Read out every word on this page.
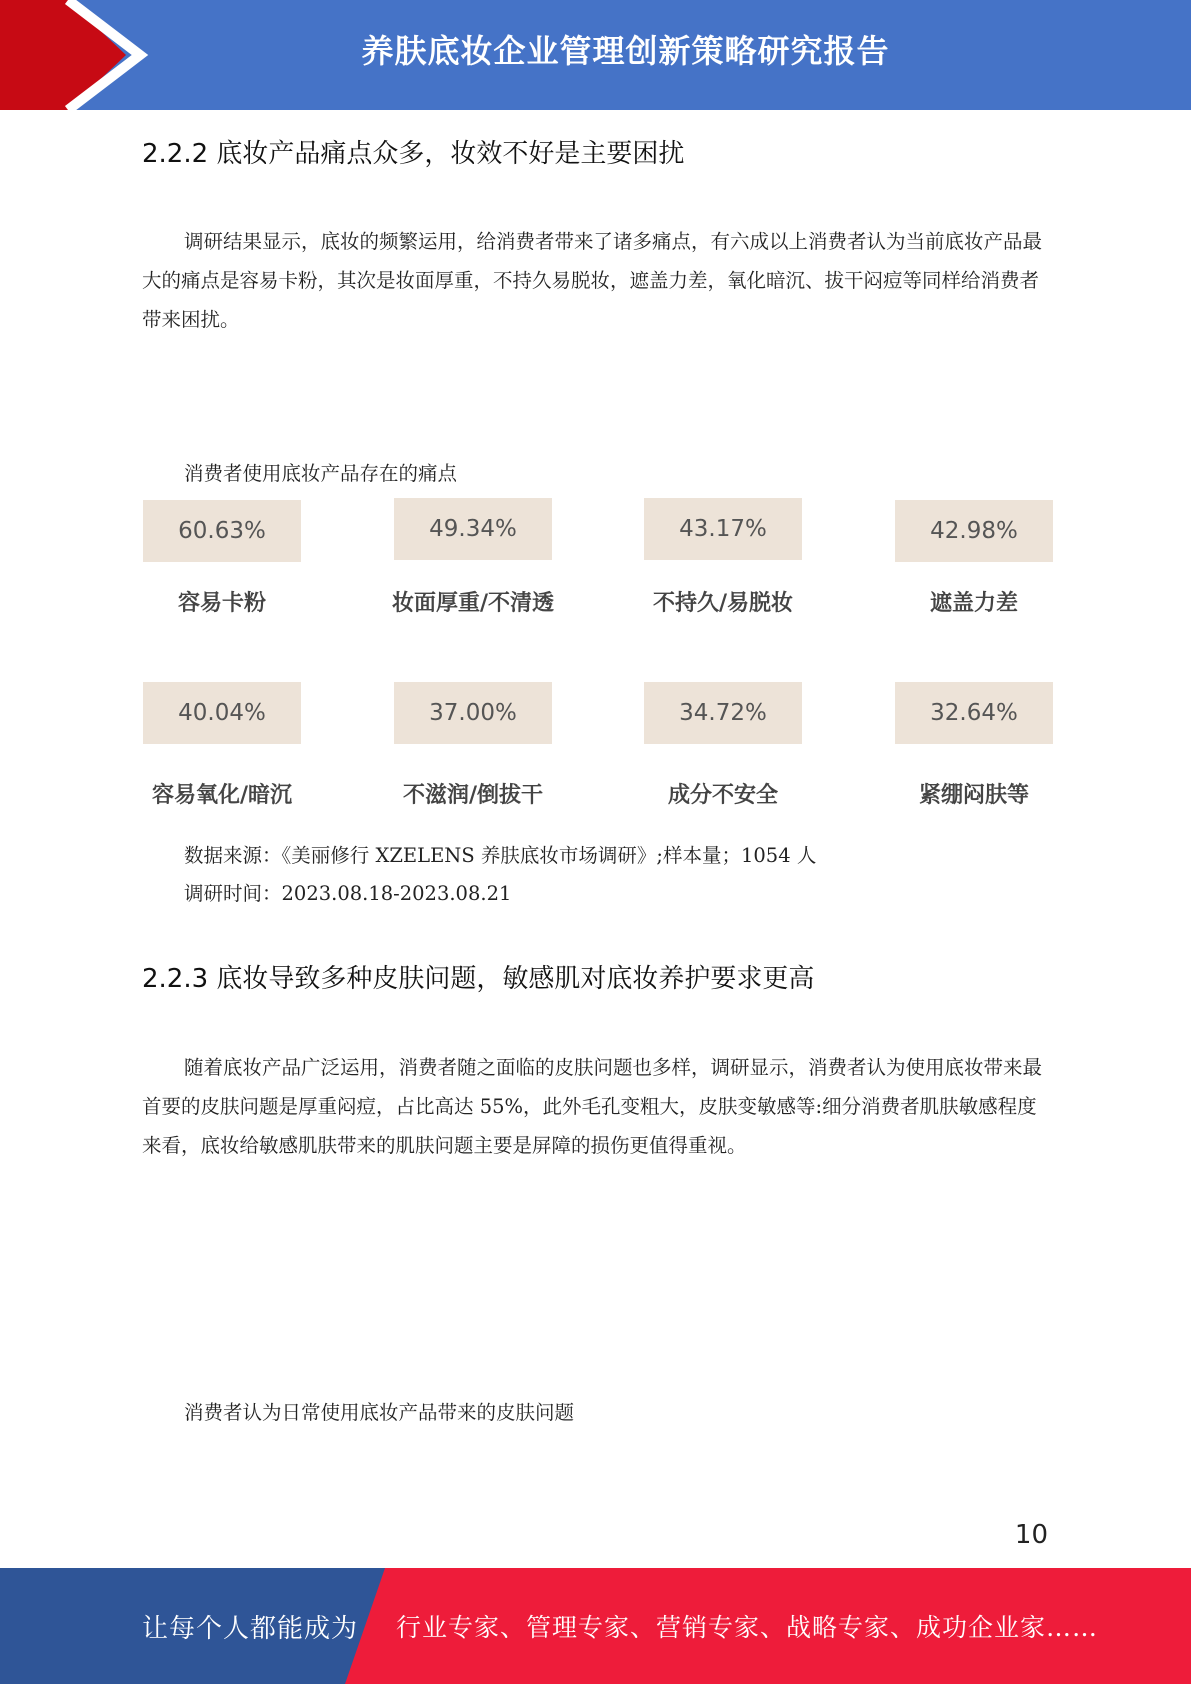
养肤底妆企业管理创新策略研究报告
2.2.2 底妆产品痛点众多，妆效不好是主要困扰

调研结果显示，底妆的频繁运用，给消费者带来了诸多痛点，有六成以上消费者认为当前底妆产品最大的痛点是容易卡粉，其次是妆面厚重，不持久易脱妆，遮盖力差，氧化暗沉、拔干闷痘等同样给消费者带来困扰。

消费者使用底妆产品存在的痛点
60.63%
容易卡粉
49.34%
妆面厚重/不清透
43.17%
不持久/易脱妆
42.98%
遮盖力差
40.04%
容易氧化/暗沉
37.00%
不滋润/倒拔干
34.72%
成分不安全
32.64%
紧绷闷肤等
数据来源：《美丽修行 XZELENS 养肤底妆市场调研》;样本量；1054 人
调研时间：2023.08.18-2023.08.21
2.2.3 底妆导致多种皮肤问题，敏感肌对底妆养护要求更高

随着底妆产品广泛运用，消费者随之面临的皮肤问题也多样，调研显示，消费者认为使用底妆带来最首要的皮肤问题是厚重闷痘，占比高达 55%，此外毛孔变粗大，皮肤变敏感等:细分消费者肌肤敏感程度来看，底妆给敏感肌肤带来的肌肤问题主要是屏障的损伤更值得重视。

消费者认为日常使用底妆产品带来的皮肤问题
10
让每个人都能成为 行业专家、管理专家、营销专家、战略专家、成功企业家……
